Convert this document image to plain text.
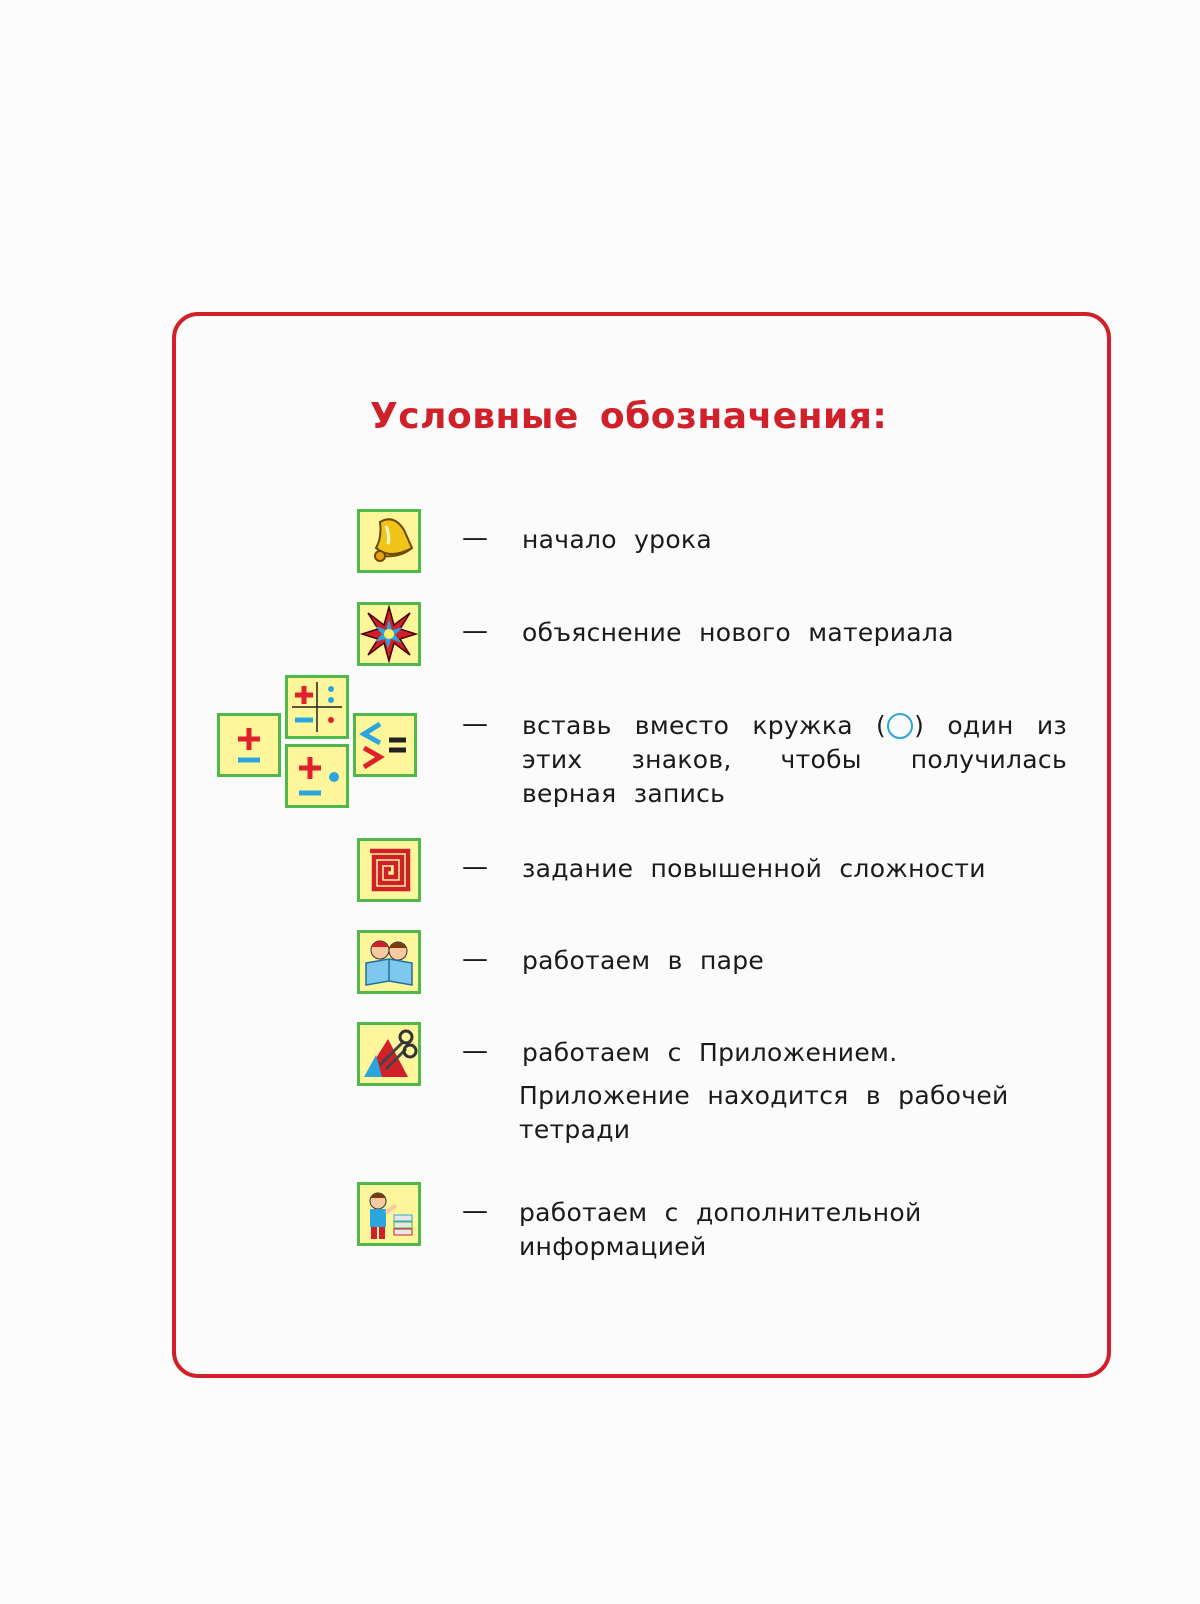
Условные обозначения:
— начало урока
— объяснение нового материала
— вставь вместо кружка ( ) один из этих знаков, чтобы получилась верная запись
— задание повышенной сложности
— работаем в паре
— работаем с Приложением.
Приложение находится в рабочей тетради
— работаем с дополнительной информацией
